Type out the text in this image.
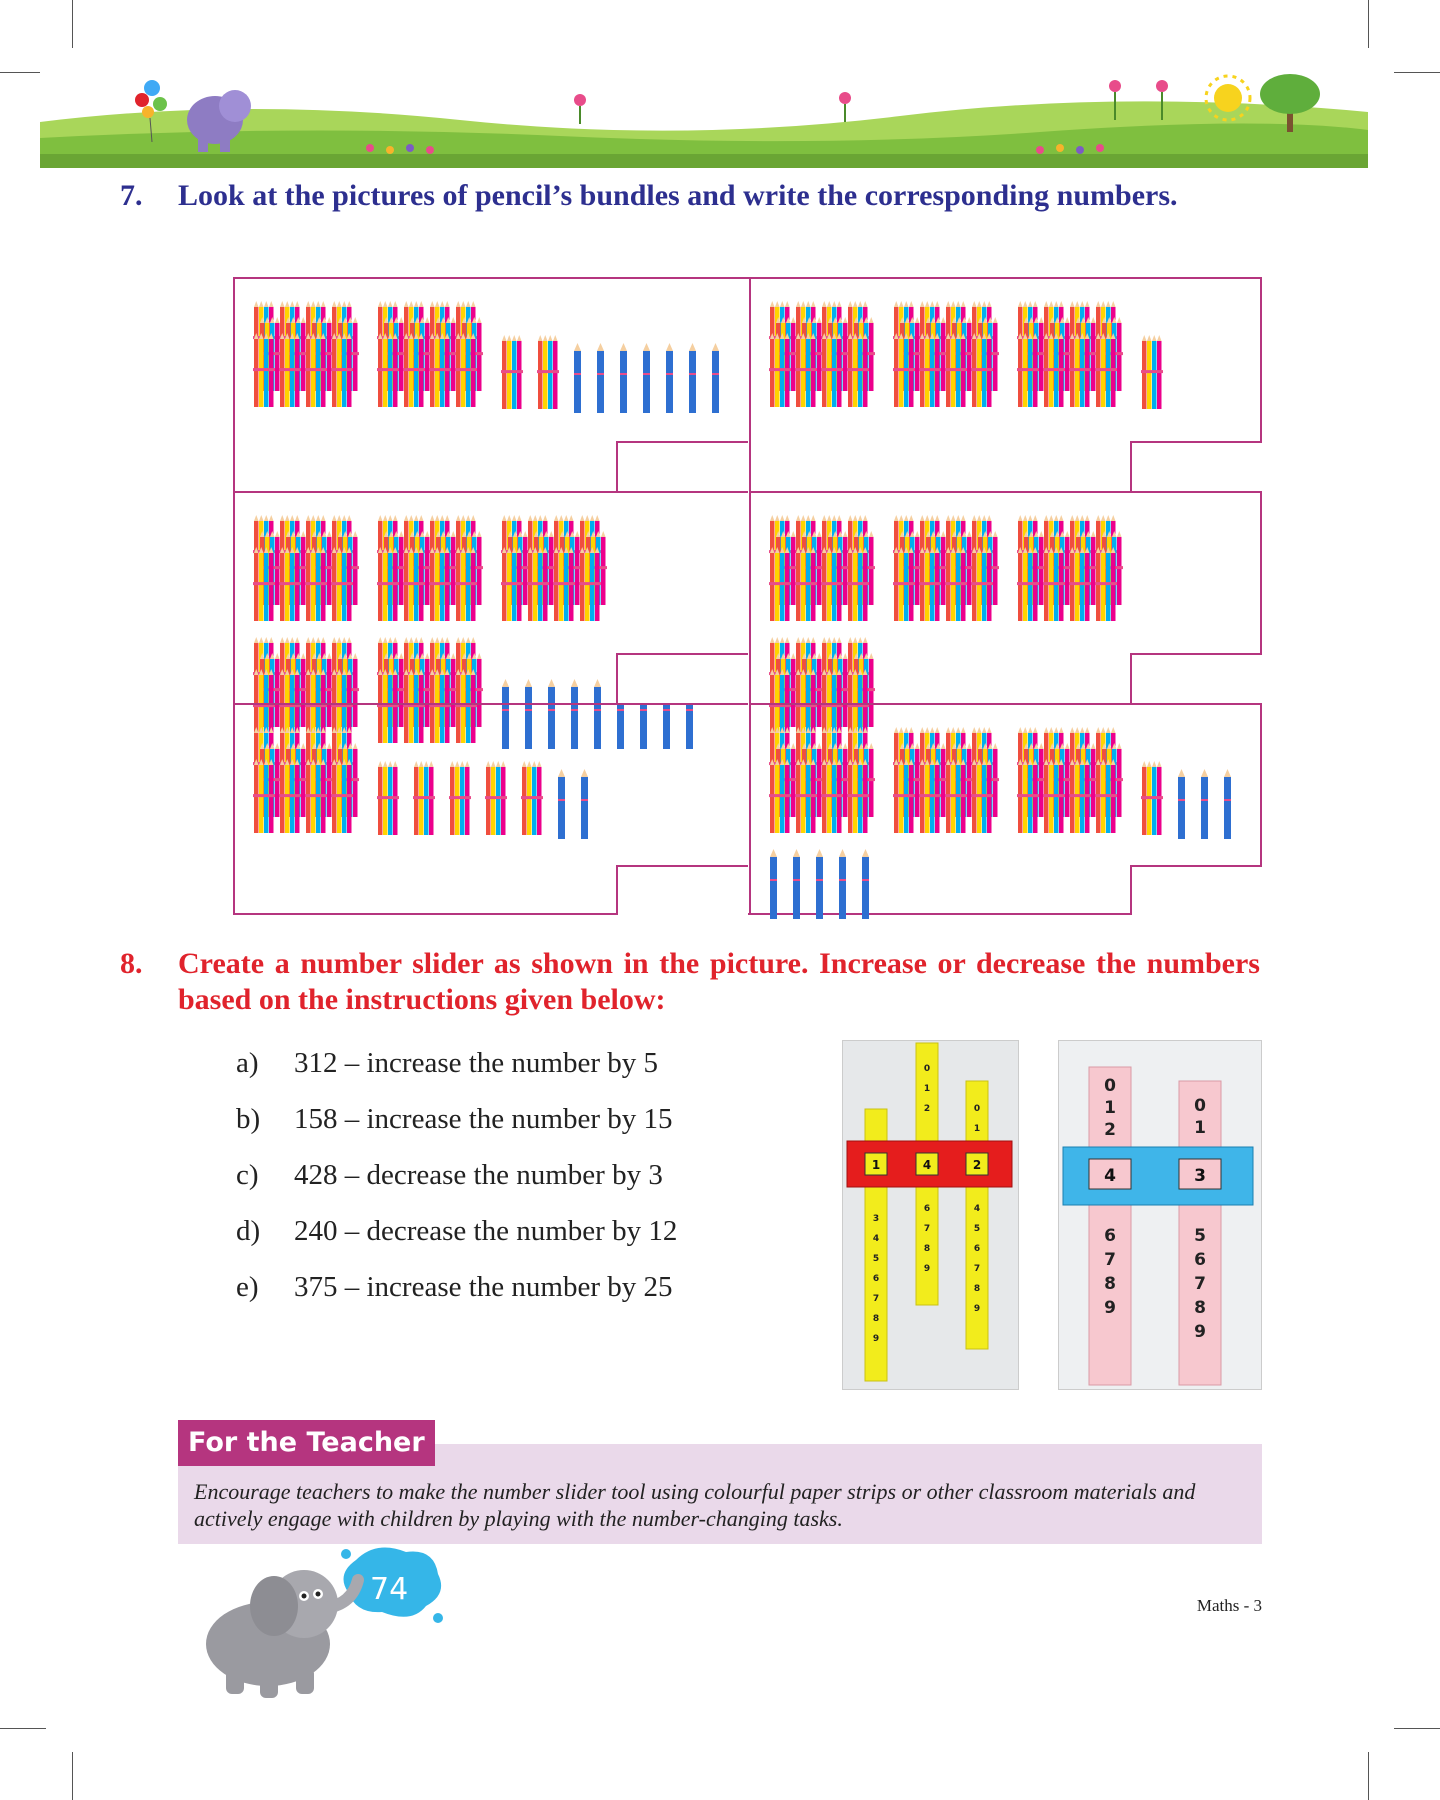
7. Look at the pictures of pencil’s bundles and write the corresponding numbers.
8. Create a number slider as shown in the picture. Increase or decrease the numbers based on the instructions given below:
a)	312 – increase the number by 5
b)	158 – increase the number by 15
c)	428 – decrease the number by 3
d)	240 – decrease the number by 12
e)	375 – increase the number by 25
3
4
5
6
7
8
9
0
1
2
6
7
8
9
0
1
4
5
6
7
8
9
1	4	2
0
1
2
6
7
8
9
0
1
5
6
7
8
9
4	3
Encourage teachers to make the number slider tool using colourful paper strips or other classroom materials and actively engage with children by playing with the number-changing tasks.
For the Teacher
74	Maths - 3
